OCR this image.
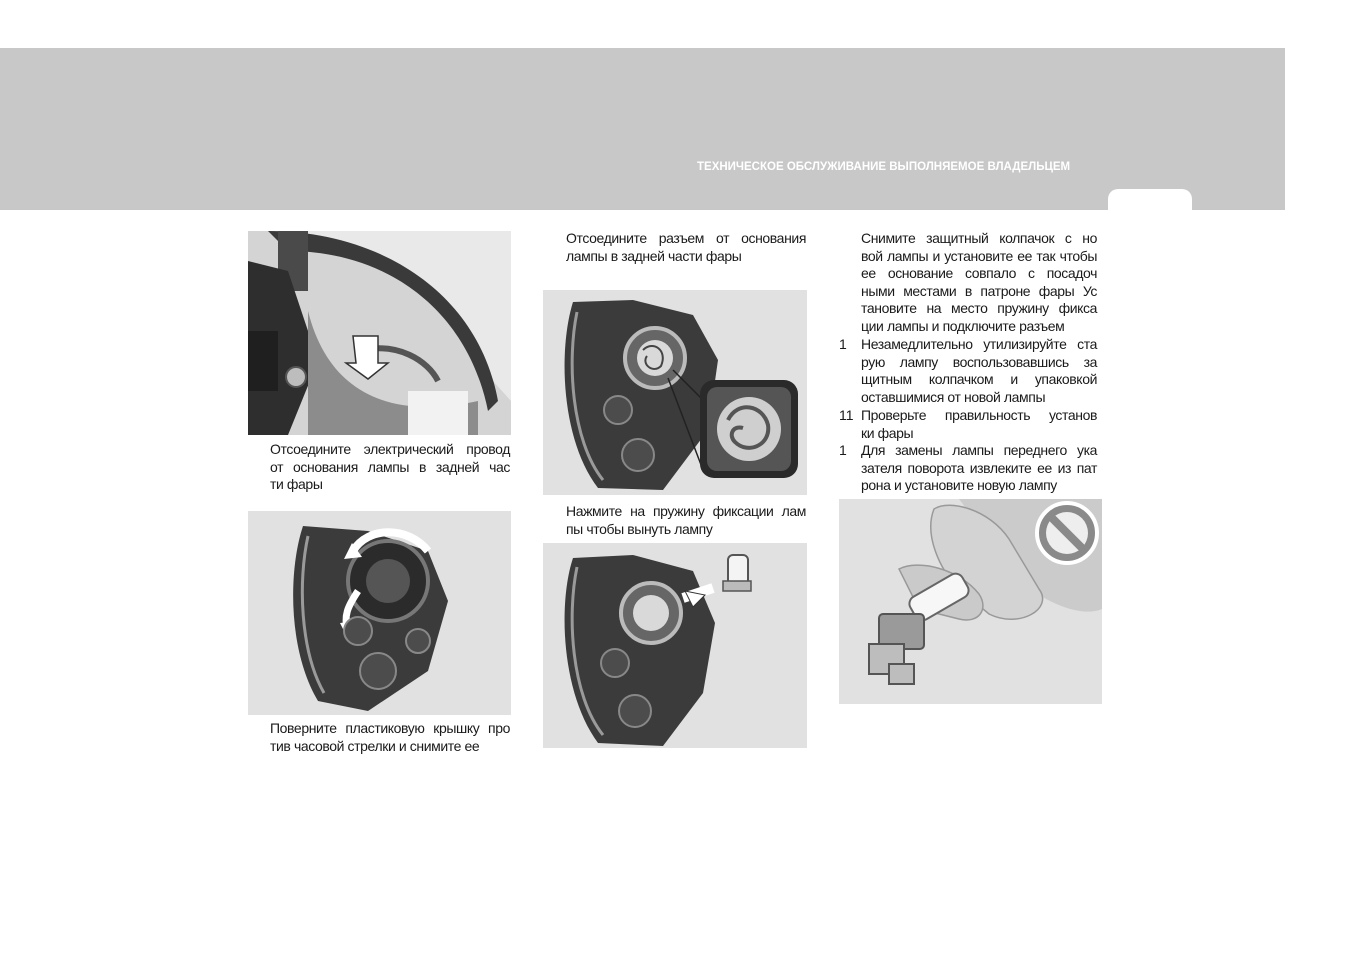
ТЕХНИЧЕСКОЕ ОБСЛУЖИВАНИЕ ВЫПОЛНЯЕМОЕ ВЛАДЕЛЬЦЕМ
Отсоедините электрический провод
от основания лампы в задней час
ти фары
Поверните пластиковую крышку про
тив часовой стрелки и снимите ее
Отсоедините разъем от основания
лампы в задней части фары
Нажмите на пружину фиксации лам
пы чтобы вынуть лампу
Снимите защитный колпачок с но
вой лампы и установите ее так чтобы
ее основание совпало с посадоч
ными местами в патроне фары Ус
тановите на место пружину фикса
ции лампы и подключите разъем
1 Незамедлительно утилизируйте ста
рую лампу воспользовавшись за
щитным колпачком и упаковкой
оставшимися от новой лампы
11 Проверьте правильность установ
ки фары
1 Для замены лампы переднего ука
зателя поворота извлеките ее из пат
рона и установите новую лампу
